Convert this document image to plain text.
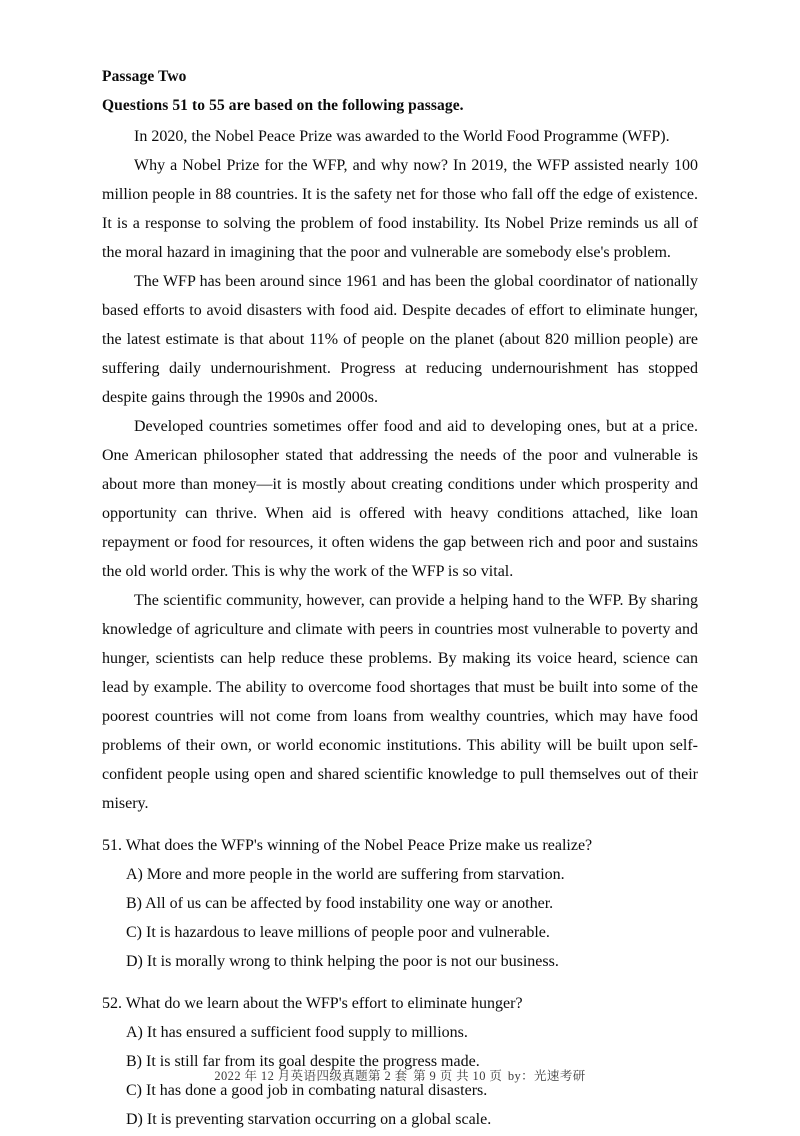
Passage Two
Questions 51 to 55 are based on the following passage.

In 2020, the Nobel Peace Prize was awarded to the World Food Programme (WFP).

Why a Nobel Prize for the WFP, and why now? In 2019, the WFP assisted nearly 100 million people in 88 countries. It is the safety net for those who fall off the edge of existence. It is a response to solving the problem of food instability. Its Nobel Prize reminds us all of the moral hazard in imagining that the poor and vulnerable are somebody else's problem.

The WFP has been around since 1961 and has been the global coordinator of nationally based efforts to avoid disasters with food aid. Despite decades of effort to eliminate hunger, the latest estimate is that about 11% of people on the planet (about 820 million people) are suffering daily undernourishment. Progress at reducing undernourishment has stopped despite gains through the 1990s and 2000s.

Developed countries sometimes offer food and aid to developing ones, but at a price. One American philosopher stated that addressing the needs of the poor and vulnerable is about more than money—it is mostly about creating conditions under which prosperity and opportunity can thrive. When aid is offered with heavy conditions attached, like loan repayment or food for resources, it often widens the gap between rich and poor and sustains the old world order. This is why the work of the WFP is so vital.

The scientific community, however, can provide a helping hand to the WFP. By sharing knowledge of agriculture and climate with peers in countries most vulnerable to poverty and hunger, scientists can help reduce these problems. By making its voice heard, science can lead by example. The ability to overcome food shortages that must be built into some of the poorest countries will not come from loans from wealthy countries, which may have food problems of their own, or world economic institutions. This ability will be built upon self-confident people using open and shared scientific knowledge to pull themselves out of their misery.

51. What does the WFP's winning of the Nobel Peace Prize make us realize?

A) More and more people in the world are suffering from starvation.

B) All of us can be affected by food instability one way or another.

C) It is hazardous to leave millions of people poor and vulnerable.

D) It is morally wrong to think helping the poor is not our business.

52. What do we learn about the WFP's effort to eliminate hunger?

A) It has ensured a sufficient food supply to millions.

B) It is still far from its goal despite the progress made.

C) It has done a good job in combating natural disasters.

D) It is preventing starvation occurring on a global scale.

2022 年 12 月英语四级真题第 2 套 第 9 页 共 10 页 by：光速考研
